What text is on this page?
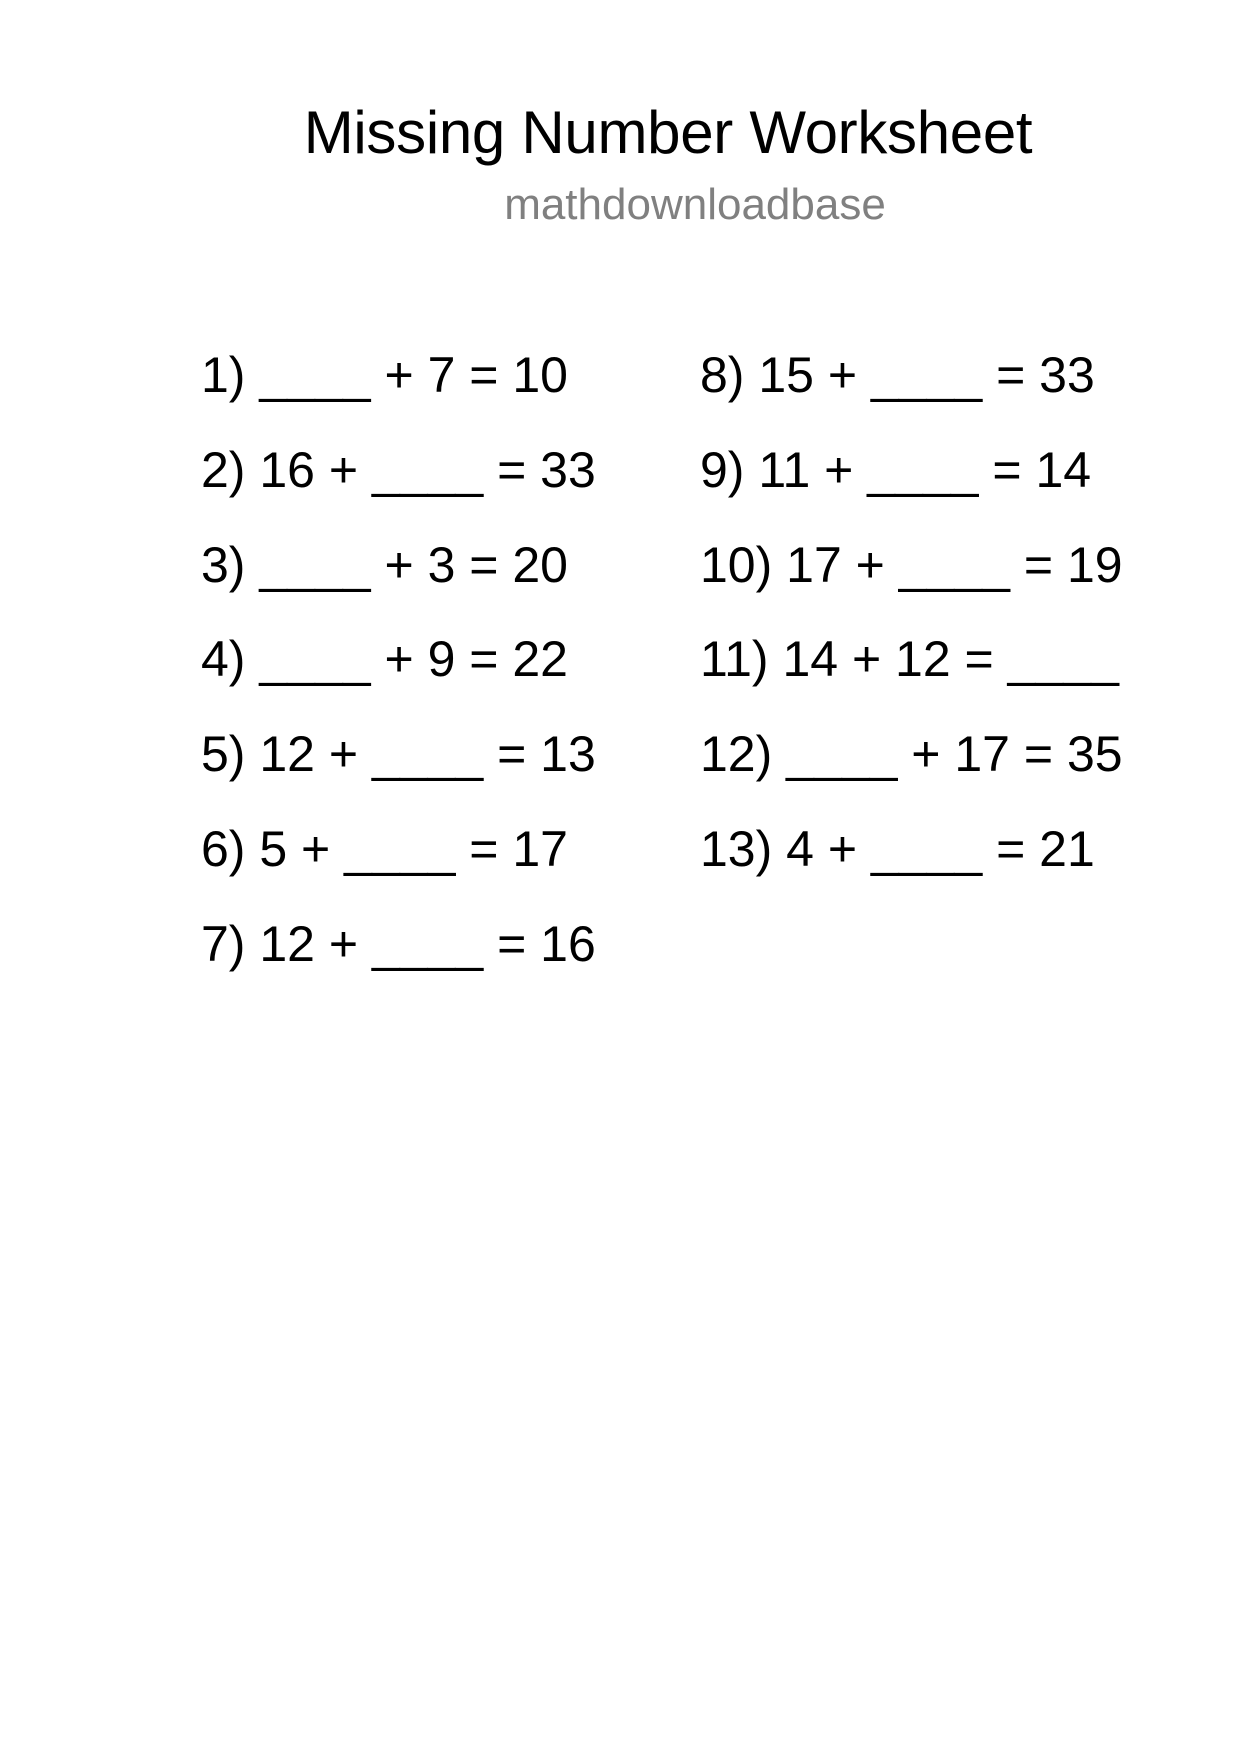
Missing Number Worksheet
mathdownloadbase
1) ____ + 7 = 10
2) 16 + ____ = 33
3) ____ + 3 = 20
4) ____ + 9 = 22
5) 12 + ____ = 13
6) 5 + ____ = 17
7) 12 + ____ = 16
8) 15 + ____ = 33
9) 11 + ____ = 14
10) 17 + ____ = 19
11) 14 + 12 = ____
12) ____ + 17 = 35
13) 4 + ____ = 21
